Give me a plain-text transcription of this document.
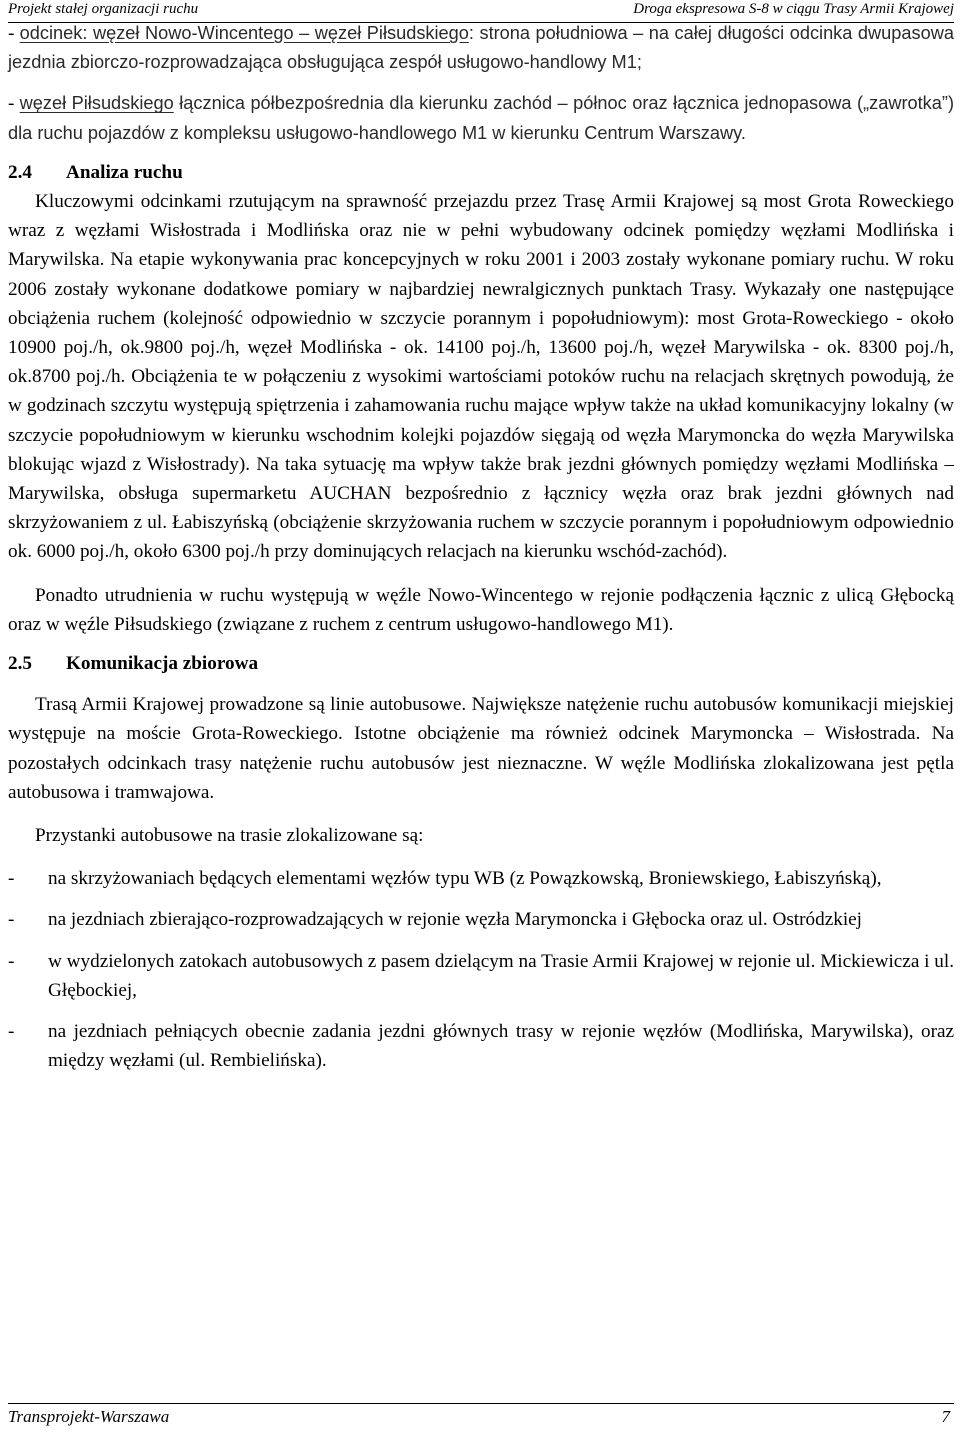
Projekt stałej organizacji ruchu	Droga ekspresowa S-8 w ciągu Trasy Armii Krajowej

- odcinek: węzeł Nowo-Wincentego – węzeł Piłsudskiego: strona południowa – na całej długości odcinka dwupasowa jezdnia zbiorczo-rozprowadzająca obsługująca zespół usługowo-handlowy M1;

- węzeł Piłsudskiego łącznica półbezpośrednia dla kierunku zachód – północ oraz łącznica jednopasowa („zawrotka”) dla ruchu pojazdów z kompleksu usługowo-handlowego M1 w kierunku Centrum Warszawy.

2.4 Analiza ruchu

Kluczowymi odcinkami rzutującym na sprawność przejazdu przez Trasę Armii Krajowej są most Grota Roweckiego wraz z węzłami Wisłostrada i Modlińska oraz nie w pełni wybudowany odcinek pomiędzy węzłami Modlińska i Marywilska. Na etapie wykonywania prac koncepcyjnych w roku 2001 i 2003 zostały wykonane pomiary ruchu. W roku 2006 zostały wykonane dodatkowe pomiary w najbardziej newralgicznych punktach Trasy. Wykazały one następujące obciążenia ruchem (kolejność odpowiednio w szczycie porannym i popołudniowym): most Grota-Roweckiego - około 10900 poj./h, ok.9800 poj./h, węzeł Modlińska - ok. 14100 poj./h, 13600 poj./h, węzeł Marywilska - ok. 8300 poj./h, ok.8700 poj./h. Obciążenia te w połączeniu z wysokimi wartościami potoków ruchu na relacjach skrętnych powodują, że w godzinach szczytu występują spiętrzenia i zahamowania ruchu mające wpływ także na układ komunikacyjny lokalny (w szczycie popołudniowym w kierunku wschodnim kolejki pojazdów sięgają od węzła Marymoncka do węzła Marywilska blokując wjazd z Wisłostrady). Na taka sytuację ma wpływ także brak jezdni głównych pomiędzy węzłami Modlińska – Marywilska, obsługa supermarketu AUCHAN bezpośrednio z łącznicy węzła oraz brak jezdni głównych nad skrzyżowaniem z ul. Łabiszyńską (obciążenie skrzyżowania ruchem w szczycie porannym i popołudniowym odpowiednio ok. 6000 poj./h, około 6300 poj./h przy dominujących relacjach na kierunku wschód-zachód).

Ponadto utrudnienia w ruchu występują w węźle Nowo-Wincentego w rejonie podłączenia łącznic z ulicą Głębocką oraz w węźle Piłsudskiego (związane z ruchem z centrum usługowo-handlowego M1).

2.5 Komunikacja zbiorowa

Trasą Armii Krajowej prowadzone są linie autobusowe. Największe natężenie ruchu autobusów komunikacji miejskiej występuje na moście Grota-Roweckiego. Istotne obciążenie ma również odcinek Marymoncka – Wisłostrada. Na pozostałych odcinkach trasy natężenie ruchu autobusów jest nieznaczne. W węźle Modlińska zlokalizowana jest pętla autobusowa i tramwajowa.

Przystanki autobusowe na trasie zlokalizowane są:

- na skrzyżowaniach będących elementami węzłów typu WB (z Powązkowską, Broniewskiego, Łabiszyńską),
- na jezdniach zbierająco-rozprowadzających w rejonie węzła Marymoncka i Głębocka oraz ul. Ostródzkiej
- w wydzielonych zatokach autobusowych z pasem dzielącym na Trasie Armii Krajowej w rejonie ul. Mickiewicza i ul. Głębockiej,
- na jezdniach pełniących obecnie zadania jezdni głównych trasy w rejonie węzłów (Modlińska, Marywilska), oraz między węzłami (ul. Rembielińska).
Transprojekt-Warszawa	7
